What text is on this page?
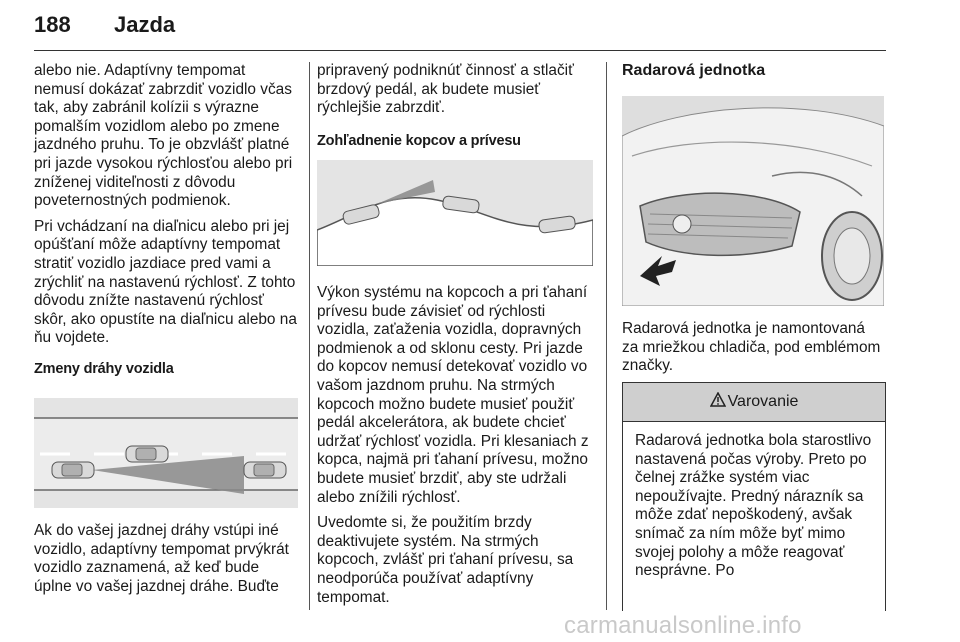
188 Jazda

alebo nie. Adaptívny tempomat nemusí dokázať zabrzdiť vozidlo včas tak, aby zabránil kolízii s výrazne pomalším vozidlom alebo po zmene jazdného pruhu. To je obzvlášť platné pri jazde vysokou rýchlosťou alebo pri zníženej viditeľnosti z dôvodu poveternostných podmienok.

Pri vchádzaní na diaľnicu alebo pri jej opúšťaní môže adaptívny tempomat stratiť vozidlo jazdiace pred vami a zrýchliť na nastavenú rýchlosť. Z tohto dôvodu znížte nastavenú rýchlosť skôr, ako opustíte na diaľnicu alebo na ňu vojdete.

Zmeny dráhy vozidla

Ak do vašej jazdnej dráhy vstúpi iné vozidlo, adaptívny tempomat prvýkrát vozidlo zaznamená, až keď bude úplne vo vašej jazdnej dráhe. Buďte

pripravený podniknúť činnosť a stlačiť brzdový pedál, ak budete musieť rýchlejšie zabrzdiť.

Zohľadnenie kopcov a prívesu

Výkon systému na kopcoch a pri ťahaní prívesu bude závisieť od rýchlosti vozidla, zaťaženia vozidla, dopravných podmienok a od sklonu cesty. Pri jazde do kopcov nemusí detekovať vozidlo vo vašom jazdnom pruhu. Na strmých kopcoch možno budete musieť použiť pedál akcelerátora, ak budete chcieť udržať rýchlosť vozidla. Pri klesaniach z kopca, najmä pri ťahaní prívesu, možno budete musieť brzdiť, aby ste udržali alebo znížili rýchlosť.

Uvedomte si, že použitím brzdy deaktivujete systém. Na strmých kopcoch, zvlášť pri ťahaní prívesu, sa neodporúča používať adaptívny tempomat.

Radarová jednotka

Radarová jednotka je namontovaná za mriežkou chladiča, pod emblémom značky.

Varovanie
Radarová jednotka bola starostlivo nastavená počas výroby. Preto po čelnej zrážke systém viac nepoužívajte. Predný nárazník sa môže zdať nepoškodený, avšak snímač za ním môže byť mimo svojej polohy a môže reagovať nesprávne. Po
carmanualsonline.info
